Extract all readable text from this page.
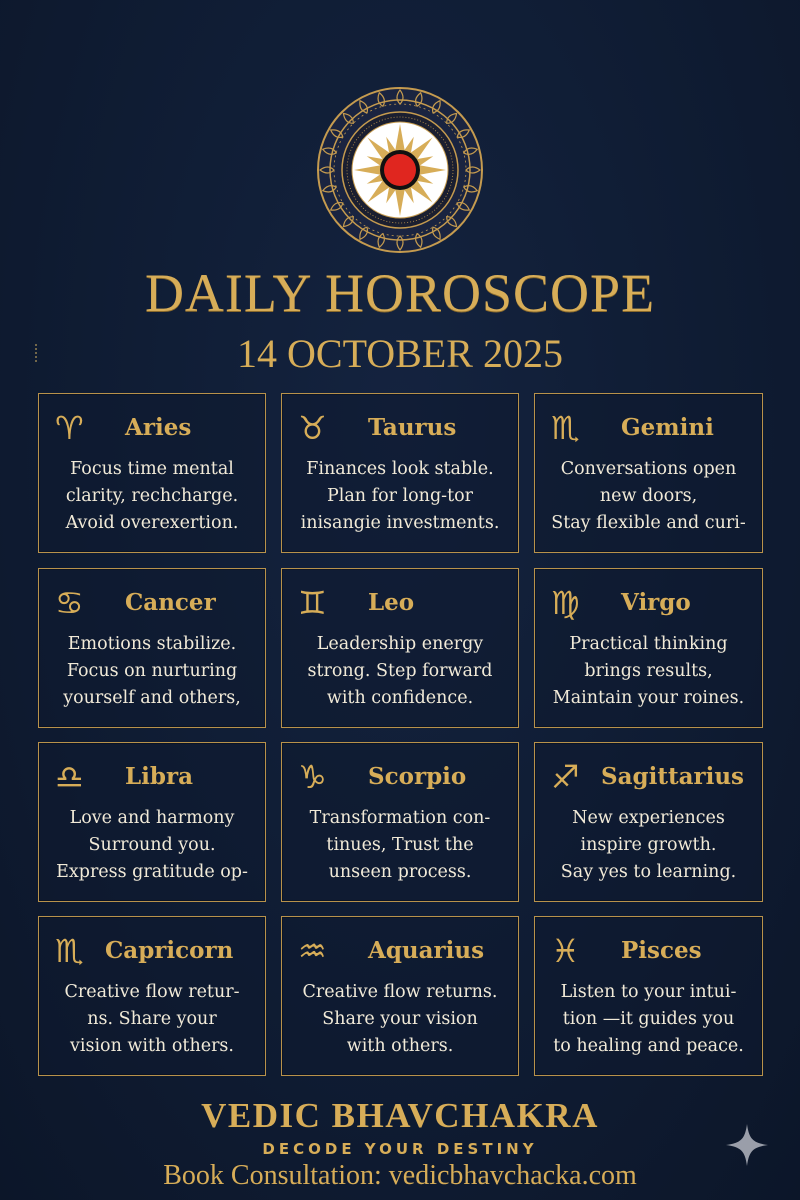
DAILY HOROSCOPE
14 OCTOBER 2025
♈ Aries
Focus time mental
clarity, rechcharge.
Avoid overexertion.
♉ Taurus
Finances look stable.
Plan for long-tor
inisangie investments.
♏ Gemini
Conversations open
new doors,
Stay flexible and curi-
♋ Cancer
Emotions stabilize.
Focus on nurturing
yourself and others,
♊ Leo
Leadership energy
strong. Step forward
with confidence.
♍ Virgo
Practical thinking
brings results,
Maintain your roines.
♎ Libra
Love and harmony
Surround you.
Express gratitude op-
♑ Scorpio
Transformation con-
tinues, Trust the
unseen process.
♐ Sagittarius
New experiences
inspire growth.
Say yes to learning.
♏ Capricorn
Creative flow retur-
ns. Share your
vision with others.
♒ Aquarius
Creative flow returns.
Share your vision
with others.
♓ Pisces
Listen to your intui-
tion —it guides you
to healing and peace.
VEDIC BHAVCHAKRA
DECODE YOUR DESTINY
Book Consultation: vedicbhavchacka.com
